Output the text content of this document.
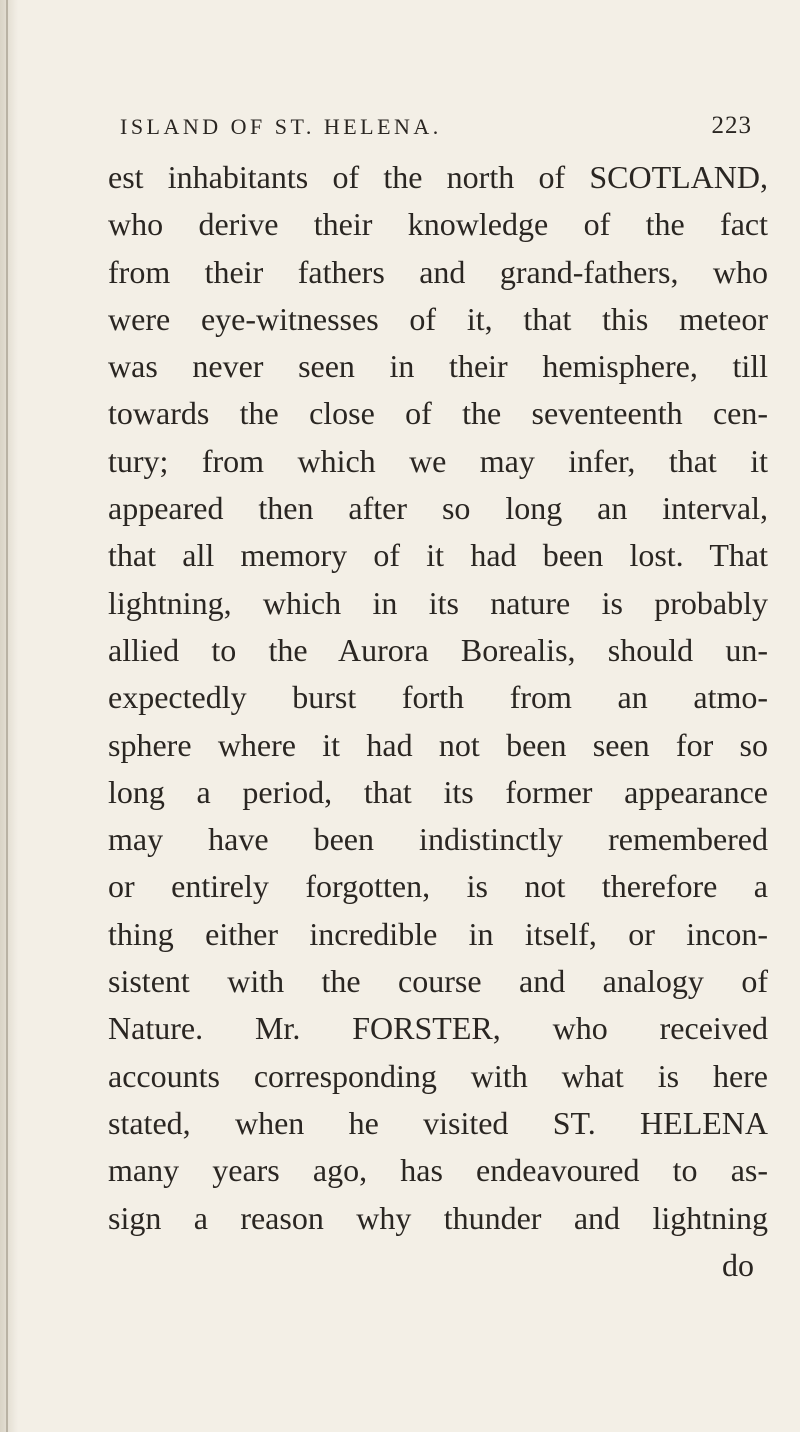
ISLAND OF ST. HELENA.	223
est inhabitants of the north of SCOTLAND,
who derive their knowledge of the fact
from their fathers and grand-fathers, who
were eye-witnesses of it, that this meteor
was never seen in their hemisphere, till
towards the close of the seventeenth cen-
tury; from which we may infer, that it
appeared then after so long an interval,
that all memory of it had been lost. That
lightning, which in its nature is probably
allied to the Aurora Borealis, should un-
expectedly burst forth from an atmo-
sphere where it had not been seen for so
long a period, that its former appearance
may have been indistinctly remembered
or entirely forgotten, is not therefore a
thing either incredible in itself, or incon-
sistent with the course and analogy of
Nature. Mr. FORSTER, who received
accounts corresponding with what is here
stated, when he visited ST. HELENA
many years ago, has endeavoured to as-
sign a reason why thunder and lightning
do
